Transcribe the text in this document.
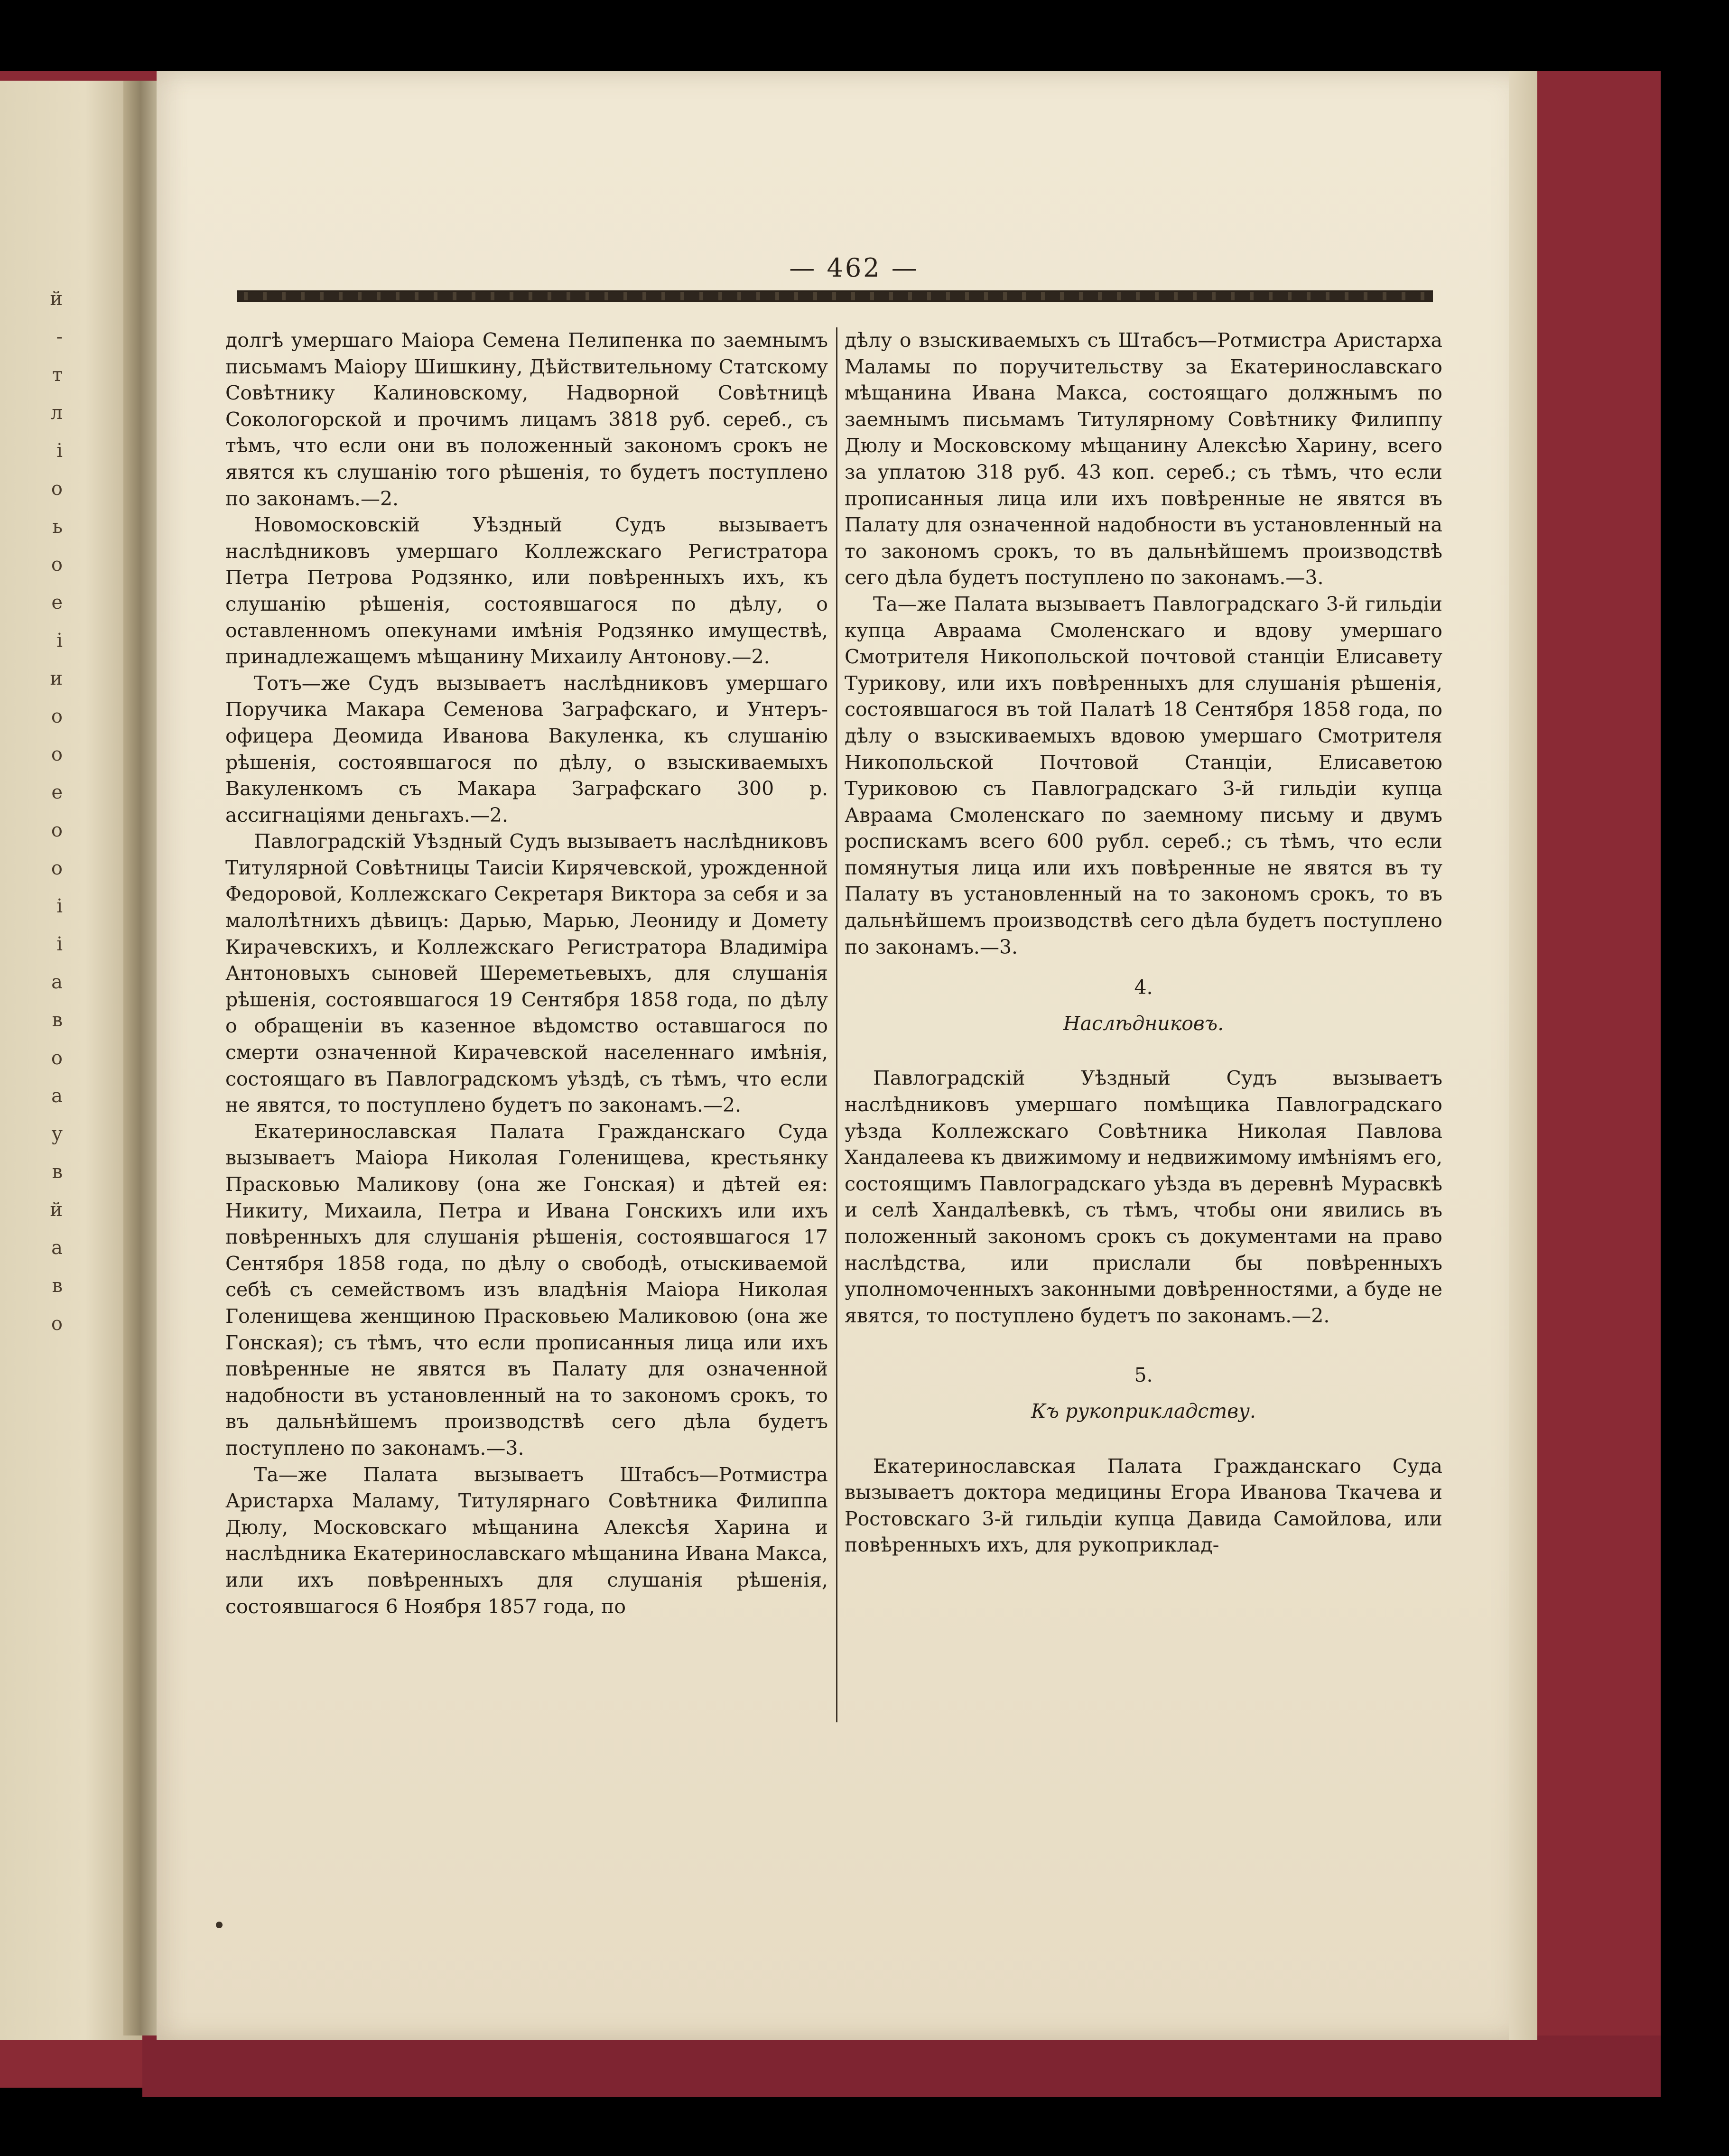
й
-
т
л
і
о
ь
о
е
і
и
о
о
е
о
о
і
і
а
в
о
а
у
в
й
а
в
о
— 462 —

долгѣ умершаго Маіора Семена Пелипенка по заемнымъ письмамъ Маіору Шишкину, Дѣйствительному Статскому Совѣтнику Калиновскому, Надворной Совѣтницѣ Сокологорской и прочимъ лицамъ 3818 руб. сереб., съ тѣмъ, что если они въ положенный закономъ срокъ не явятся къ слушанію того рѣшенія, то будетъ поступлено по законамъ.—2.

Новомосковскій Уѣздный Судъ вызываетъ наслѣдниковъ умершаго Коллежскаго Регистратора Петра Петрова Родзянко, или повѣренныхъ ихъ, къ слушанію рѣшенія, состоявшагося по дѣлу, о оставленномъ опекунами имѣнія Родзянко имуществѣ, принадлежащемъ мѣщанину Михаилу Антонову.—2.

Тотъ—же Судъ вызываетъ наслѣдниковъ умершаго Поручика Макара Семенова Заграфскаго, и Унтеръ-офицера Деомида Иванова Вакуленка, къ слушанію рѣшенія, состоявшагося по дѣлу, о взыскиваемыхъ Вакуленкомъ съ Макара Заграфскаго 300 р. ассигнаціями деньгахъ.—2.

Павлоградскій Уѣздный Судъ вызываетъ наслѣдниковъ Титулярной Совѣтницы Таисіи Кирячевской, урожденной Федоровой, Коллежскаго Секретаря Виктора за себя и за малолѣтнихъ дѣвицъ: Дарью, Марью, Леониду и Домету Кирачевскихъ, и Коллежскаго Регистратора Владиміра Антоновыхъ сыновей Шереметьевыхъ, для слушанія рѣшенія, состоявшагося 19 Сентября 1858 года, по дѣлу о обращеніи въ казенное вѣдомство оставшагося по смерти означенной Кирачевской населеннаго имѣнія, состоящаго въ Павлоградскомъ уѣздѣ, съ тѣмъ, что если не явятся, то поступлено будетъ по законамъ.—2.

Екатеринославская Палата Гражданскаго Суда вызываетъ Маіора Николая Голенищева, крестьянку Прасковью Маликову (она же Гонская) и дѣтей ея: Никиту, Михаила, Петра и Ивана Гонскихъ или ихъ повѣренныхъ для слушанія рѣшенія, состоявшагося 17 Сентября 1858 года, по дѣлу о свободѣ, отыскиваемой себѣ съ семействомъ изъ владѣнія Маіора Николая Голенищева женщиною Прасковьею Маликовою (она же Гонская); съ тѣмъ, что если прописанныя лица или ихъ повѣренные не явятся въ Палату для означенной надобности въ установленный на то закономъ срокъ, то въ дальнѣйшемъ производствѣ сего дѣла будетъ поступлено по законамъ.—3.

Та—же Палата вызываетъ Штабсъ—Ротмистра Аристарха Маламу, Титулярнаго Совѣтника Филиппа Дюлу, Московскаго мѣщанина Алексѣя Харина и наслѣдника Екатеринославскаго мѣщанина Ивана Макса, или ихъ повѣренныхъ для слушанія рѣшенія, состоявшагося 6 Ноября 1857 года, по

дѣлу о взыскиваемыхъ съ Штабсъ—Ротмистра Аристарха Маламы по поручительству за Екатеринославскаго мѣщанина Ивана Макса, состоящаго должнымъ по заемнымъ письмамъ Титулярному Совѣтнику Филиппу Дюлу и Московскому мѣщанину Алексѣю Харину, всего за уплатою 318 руб. 43 коп. сереб.; съ тѣмъ, что если прописанныя лица или ихъ повѣренные не явятся въ Палату для означенной надобности въ установленный на то закономъ срокъ, то въ дальнѣйшемъ производствѣ сего дѣла будетъ поступлено по законамъ.—3.

Та—же Палата вызываетъ Павлоградскаго 3-й гильдіи купца Авраама Смоленскаго и вдову умершаго Смотрителя Никопольской почтовой станціи Елисавету Турикову, или ихъ повѣренныхъ для слушанія рѣшенія, состоявшагося въ той Палатѣ 18 Сентября 1858 года, по дѣлу о взыскиваемыхъ вдовою умершаго Смотрителя Никопольской Почтовой Станціи, Елисаветою Туриковою съ Павлоградскаго 3-й гильдіи купца Авраама Смоленскаго по заемному письму и двумъ роспискамъ всего 600 рубл. сереб.; съ тѣмъ, что если помянутыя лица или ихъ повѣренные не явятся въ ту Палату въ установленный на то закономъ срокъ, то въ дальнѣйшемъ производствѣ сего дѣла будетъ поступлено по законамъ.—3.

4.

Наслѣдниковъ.

Павлоградскій Уѣздный Судъ вызываетъ наслѣдниковъ умершаго помѣщика Павлоградскаго уѣзда Коллежскаго Совѣтника Николая Павлова Хандалеева къ движимому и недвижимому имѣніямъ его, состоящимъ Павлоградскаго уѣзда въ деревнѣ Мурасвкѣ и селѣ Хандалѣевкѣ, съ тѣмъ, чтобы они явились въ положенный закономъ срокъ съ документами на право наслѣдства, или прислали бы повѣренныхъ уполномоченныхъ законными довѣренностями, а буде не явятся, то поступлено будетъ по законамъ.—2.

5.

Къ рукоприкладству.

Екатеринославская Палата Гражданскаго Суда вызываетъ доктора медицины Егора Иванова Ткачева и Ростовскаго 3-й гильдіи купца Давида Самойлова, или повѣренныхъ ихъ, для рукоприклад-
